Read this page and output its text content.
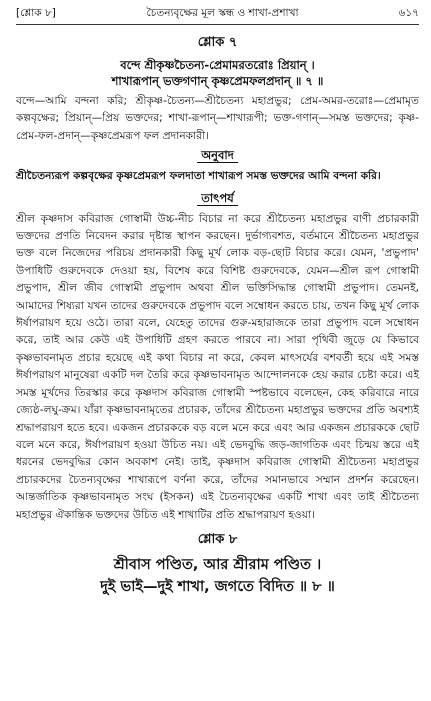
[শ্লোক ৮]	চৈতন্যবৃক্ষের মূল স্কন্ধ ও শাখা-প্রশাখা	৬১৭
শ্লোক ৭
বন্দে শ্রীকৃষ্ণচৈতন্য-প্রেমামরতরোঃ প্রিয়ান্ ।
শাখারূপান্ ভক্তগণান্ কৃষ্ণপ্রেমফলপ্রদান্ ॥ ৭ ॥

বন্দে—আমি বন্দনা করি; শ্রীকৃষ্ণ-চৈতন্য—শ্রীচৈতন্য মহাপ্রভুর; প্রেম-অমর-তরোঃ—প্রেমামৃত কল্পবৃক্ষের; প্রিয়ান্—প্রিয় ভক্তদের; শাখা-রূপান্—শাখারূপী; ভক্ত-গণান্—সমস্ত ভক্তদের; কৃষ্ণ-প্রেম-ফল-প্রদান্—কৃষ্ণপ্রেমরূপ ফল প্রদানকারী।

অনুবাদ

শ্রীচৈতন্যরূপ কল্পবৃক্ষের কৃষ্ণপ্রেমরূপ ফলদাতা শাখারূপ সমস্ত ভক্তদের আমি বন্দনা করি।

তাৎপর্য

শ্রীল কৃষ্ণদাস কবিরাজ গোস্বামী উচ্চ-নীচ বিচার না করে শ্রীচৈতন্য মহাপ্রভুর বাণী প্রচারকারী ভক্তদের প্রণতি নিবেদন করার দৃষ্টান্ত স্থাপন করছেন। দুর্ভাগ্যবশত, বর্তমানে শ্রীচৈতন্য মহাপ্রভুর ভক্ত বলে নিজেদের পরিচয় প্রদানকারী কিছু মূর্খ লোক বড়-ছোট বিচার করে। যেমন, 'প্রভুপাদ' উপাধিটি গুরুদেবকে দেওয়া হয়, বিশেষ করে বিশিষ্ট গুরুদেবকে, যেমন—শ্রীল রূপ গোস্বামী প্রভুপাদ, শ্রীল জীব গোস্বামী প্রভুপাদ অথবা শ্রীল ভক্তিসিদ্ধান্ত গোস্বামী প্রভুপাদ। তেমনই, আমাদের শিষ্যরা যখন তাদের গুরুদেবকে প্রভুপাদ বলে সম্বোধন করতে চায়, তখন কিছু মূর্খ লোক ঈর্ষাপরায়ণ হয়ে ওঠে। তারা বলে, যেহেতু তাদের গুরু-মহারাজকে তারা প্রভুপাদ বলে সম্বোধন করে, তাই আর কেউ এই উপাধিটি গ্রহণ করতে পারবে না। সারা পৃথিবী জুড়ে যে কিভাবে কৃষ্ণভাবনামৃত প্রচার হয়েছে এই কথা বিচার না করে, কেবল মাৎসর্যের বশবর্তী হয়ে এই সমস্ত ঈর্ষাপরায়ণ মানুষেরা একটি দল তৈরি করে কৃষ্ণভাবনামৃত আন্দোলনকে হেয় করার চেষ্টা করে। এই সমস্ত মূর্খদের তিরস্কার করে কৃষ্ণদাস কবিরাজ গোস্বামী স্পষ্টভাবে বলেছেন, কেহ করিবারে নারে জ্যেষ্ঠ-লঘু-ক্রম। যাঁরা কৃষ্ণভাবনামৃতের প্রচারক, তাঁদের শ্রীচৈতন্য মহাপ্রভুর ভক্তদের প্রতি অবশ্যই শ্রদ্ধাপরায়ণ হতে হবে। একজন প্রচারককে বড় বলে মনে করে এবং আর একজন প্রচারককে ছোট বলে মনে করে, ঈর্ষাপরায়ণ হওয়া উচিত নয়। এই ভেদবুদ্ধি জড়-জাগতিক এবং চিন্ময় স্তরে এই ধরনের ভেদবুদ্ধির কোন অবকাশ নেই। তাই, কৃষ্ণদাস কবিরাজ গোস্বামী শ্রীচৈতন্য মহাপ্রভুর প্রচারকদের চৈতন্যবৃক্ষের শাখারূপে বর্ণনা করে, তাঁদের সমানভাবে সম্মান প্রদর্শন করেছেন। আন্তর্জাতিক কৃষ্ণভাবনামৃত সংঘ (ইসকন) এই চৈতন্যবৃক্ষের একটি শাখা এবং তাই শ্রীচৈতন্য মহাপ্রভুর ঐকান্তিক ভক্তদের উচিত এই শাখাটির প্রতি শ্রদ্ধাপরায়ণ হওয়া।

শ্লোক ৮
শ্রীবাস পণ্ডিত, আর শ্রীরাম পণ্ডিত ।
দুই ভাই—দুই শাখা, জগতে বিদিত ॥ ৮ ॥
